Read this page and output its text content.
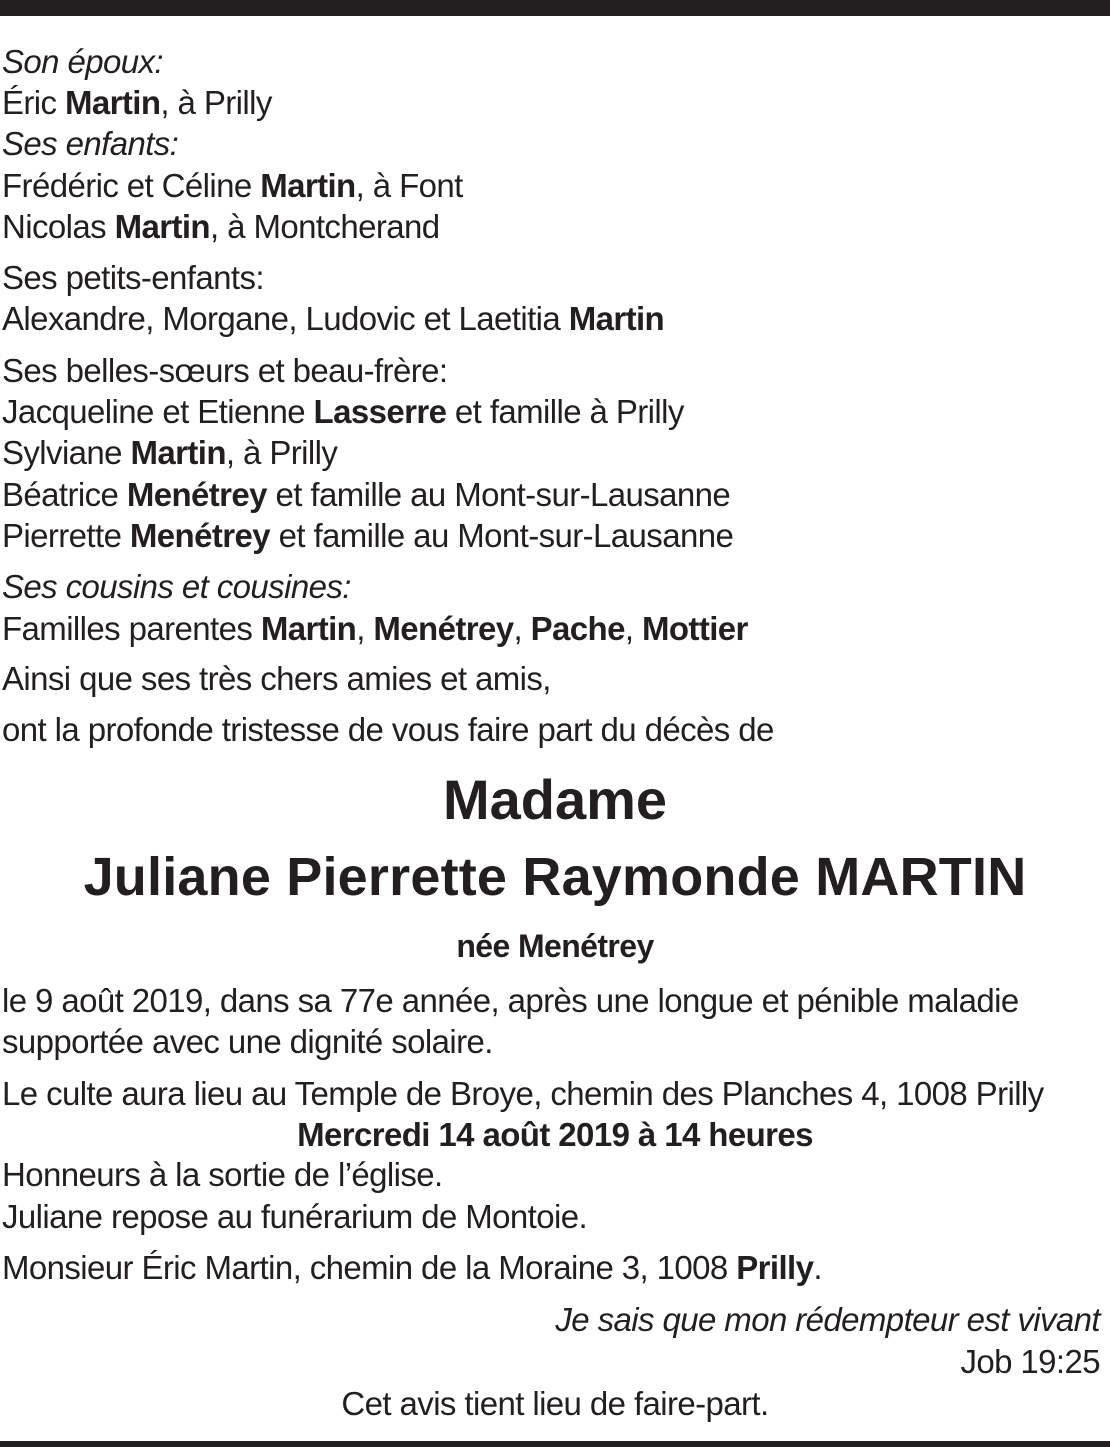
Son époux:
Éric Martin, à Prilly
Ses enfants:
Frédéric et Céline Martin, à Font
Nicolas Martin, à Montcherand
Ses petits-enfants:
Alexandre, Morgane, Ludovic et Laetitia Martin
Ses belles-sœurs et beau-frère:
Jacqueline et Etienne Lasserre et famille à Prilly
Sylviane Martin, à Prilly
Béatrice Menétrey et famille au Mont-sur-Lausanne
Pierrette Menétrey et famille au Mont-sur-Lausanne
Ses cousins et cousines:
Familles parentes Martin, Menétrey, Pache, Mottier
Ainsi que ses très chers amies et amis,
ont la profonde tristesse de vous faire part du décès de
Madame
Juliane Pierrette Raymonde MARTIN
née Menétrey
le 9 août 2019, dans sa 77e année, après une longue et pénible maladie
supportée avec une dignité solaire.
Le culte aura lieu au Temple de Broye, chemin des Planches 4, 1008 Prilly
Mercredi 14 août 2019 à 14 heures
Honneurs à la sortie de l’église.
Juliane repose au funérarium de Montoie.
Monsieur Éric Martin, chemin de la Moraine 3, 1008 Prilly.
Je sais que mon rédempteur est vivant
Job 19:25
Cet avis tient lieu de faire-part.
